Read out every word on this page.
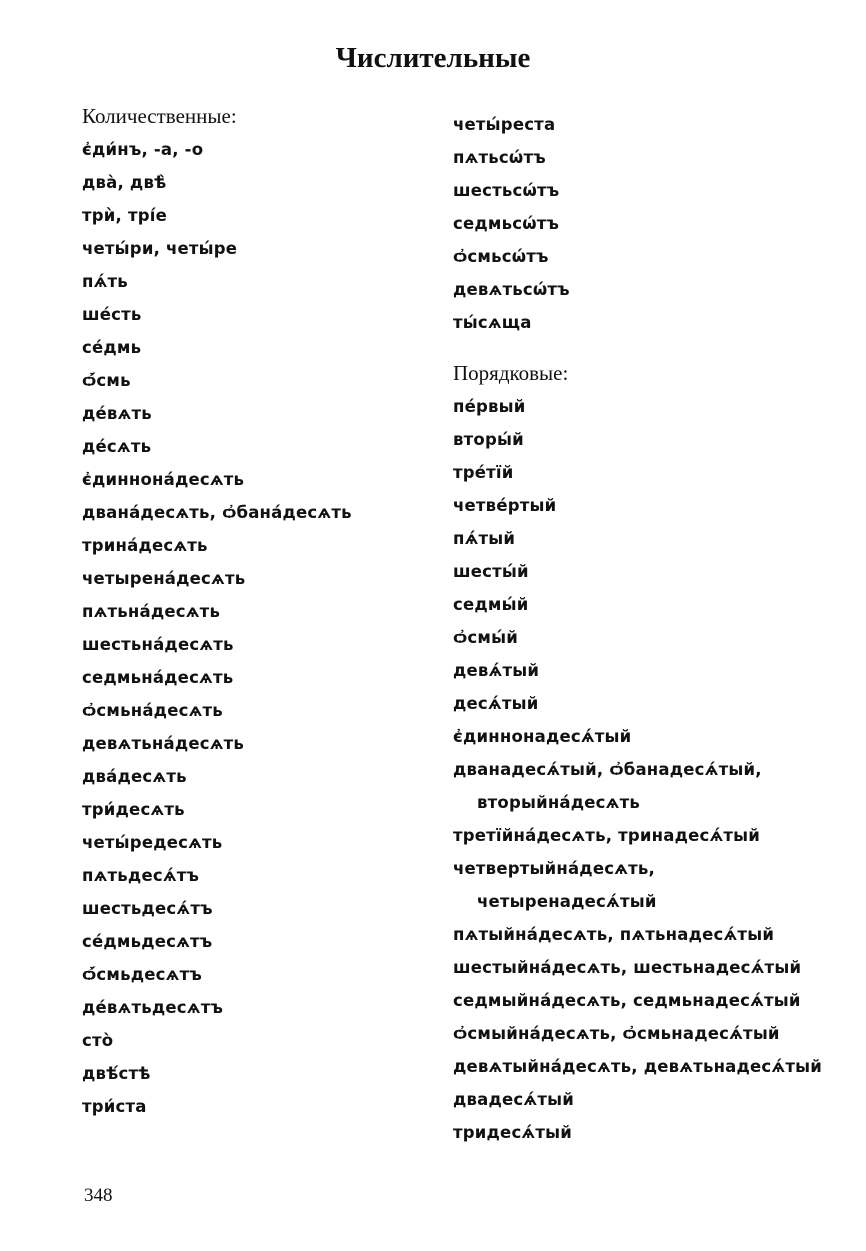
Числительные
Количественные:
є҆ди́нъ, -а, -о
два̀, двѣ̀
трѝ, трі́е
четы́ри, четы́ре
пѧ́ть
ше́сть
се́дмь
ѻ҆́смь
де́вѧть
де́сѧть
є҆диннона́десѧть
двана́десѧть, ѻ҆бана́десѧть
трина́десѧть
четырена́десѧть
пѧтьна́десѧть
шестьна́десѧть
седмьна́десѧть
ѻ҆смьна́десѧть
девѧтьна́десѧть
два́десѧть
три́десѧть
четы́редесѧть
пѧтьдесѧ́тъ
шестьдесѧ́тъ
се́дмьдесѧтъ
ѻ҆́смьдесѧтъ
де́вѧтьдесѧтъ
сто̀
двѣ́стѣ
три́ста
четы́реста
пѧтьсѡ́тъ
шестьсѡ́тъ
седмьсѡ́тъ
ѻ҆смьсѡ́тъ
девѧтьсѡ́тъ
ты́сѧща
Порядковые:
пе́рвый
вторы́й
тре́тїй
четве́ртый
пѧ́тый
шесты́й
седмы́й
ѻ҆смы́й
девѧ́тый
десѧ́тый
є҆диннонадесѧ́тый
дванадесѧ́тый, ѻ҆банадесѧ́тый,
вторыйна́десѧть
третїйна́десѧть, тринадесѧ́тый
четвертыйна́десѧть,
четыренадесѧ́тый
пѧтыйна́десѧть, пѧтьнадесѧ́тый
шестыйна́десѧть, шестьнадесѧ́тый
седмыйна́десѧть, седмьнадесѧ́тый
ѻ҆смыйна́десѧть, ѻ҆смьнадесѧ́тый
девѧтыйна́десѧть, девѧтьнадесѧ́тый
двадесѧ́тый
тридесѧ́тый

348
